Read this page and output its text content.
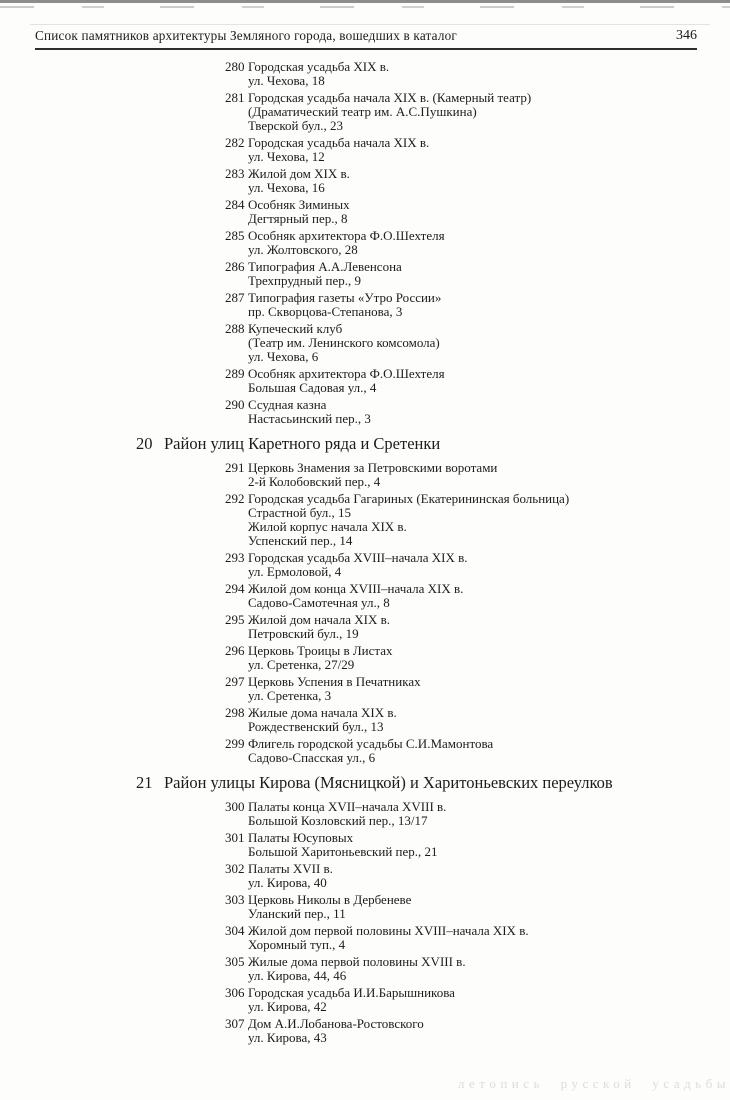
Список памятников архитектуры Земляного города, вошедших в каталог	346
280 Городская усадьба XIX в.
ул. Чехова, 18
281 Городская усадьба начала XIX в. (Камерный театр)
(Драматический театр им. А.С.Пушкина)
Тверской бул., 23
282 Городская усадьба начала XIX в.
ул. Чехова, 12
283 Жилой дом XIX в.
ул. Чехова, 16
284 Особняк Зиминых
Дегтярный пер., 8
285 Особняк архитектора Ф.О.Шехтеля
ул. Жолтовского, 28
286 Типография А.А.Левенсона
Трехпрудный пер., 9
287 Типография газеты «Утро России»
пр. Скворцова-Степанова, 3
288 Купеческий клуб
(Театр им. Ленинского комсомола)
ул. Чехова, 6
289 Особняк архитектора Ф.О.Шехтеля
Большая Садовая ул., 4
290 Ссудная казна
Настасьинский пер., 3
20 Район улиц Каретного ряда и Сретенки
291 Церковь Знамения за Петровскими воротами
2-й Колобовский пер., 4
292 Городская усадьба Гагариных (Екатерининская больница)
Страстной бул., 15
Жилой корпус начала XIX в.
Успенский пер., 14
293 Городская усадьба XVIII–начала XIX в.
ул. Ермоловой, 4
294 Жилой дом конца XVIII–начала XIX в.
Садово-Самотечная ул., 8
295 Жилой дом начала XIX в.
Петровский бул., 19
296 Церковь Троицы в Листах
ул. Сретенка, 27/29
297 Церковь Успения в Печатниках
ул. Сретенка, 3
298 Жилые дома начала XIX в.
Рождественский бул., 13
299 Флигель городской усадьбы С.И.Мамонтова
Садово-Спасская ул., 6
21 Район улицы Кирова (Мясницкой) и Харитоньевских переулков
300 Палаты конца XVII–начала XVIII в.
Большой Козловский пер., 13/17
301 Палаты Юсуповых
Большой Харитоньевский пер., 21
302 Палаты XVII в.
ул. Кирова, 40
303 Церковь Николы в Дербеневе
Уланский пер., 11
304 Жилой дом первой половины XVIII–начала XIX в.
Хоромный туп., 4
305 Жилые дома первой половины XVIII в.
ул. Кирова, 44, 46
306 Городская усадьба И.И.Барышникова
ул. Кирова, 42
307 Дом А.И.Лобанова-Ростовского
ул. Кирова, 43
летопись русской усадьбы
